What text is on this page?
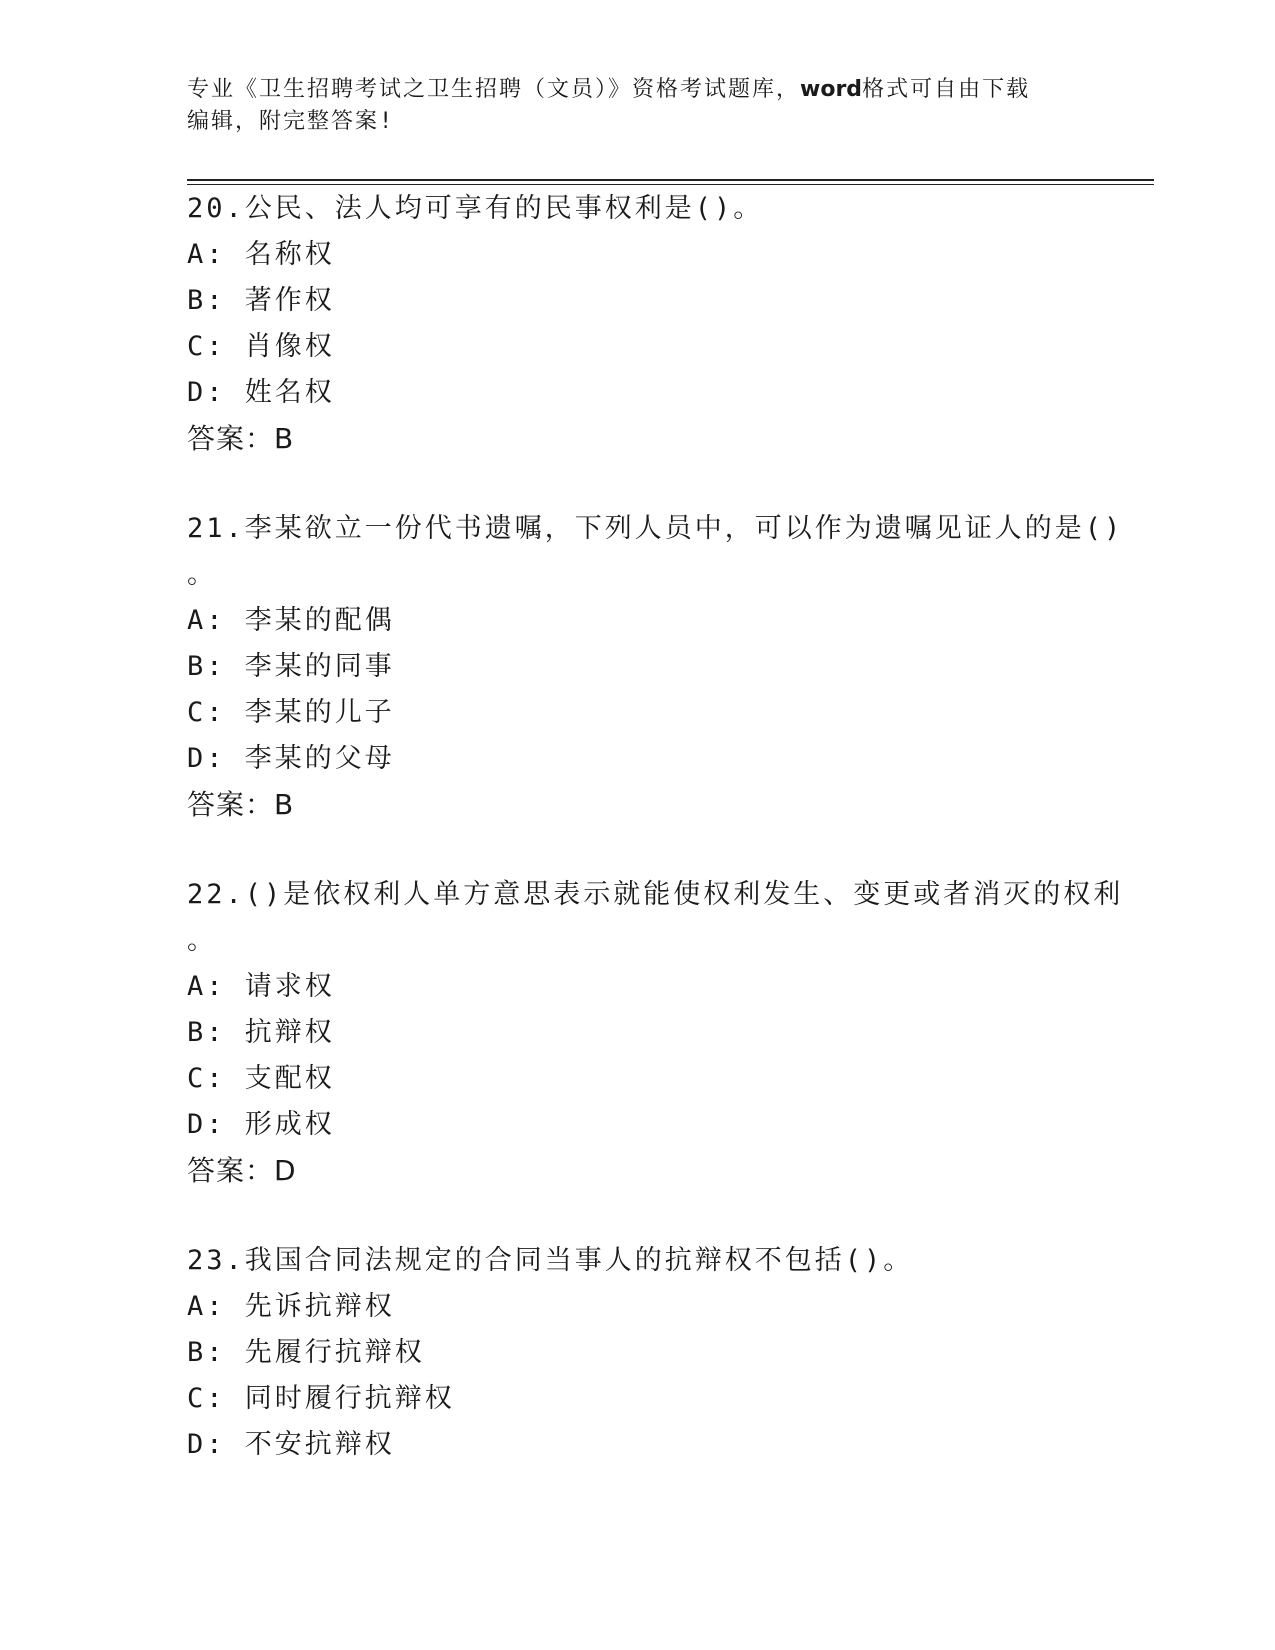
专业《卫生招聘考试之卫生招聘（文员）》资格考试题库，word格式可自由下载
编辑，附完整答案!
20.公民、法人均可享有的民事权利是()。
A: 名称权
B: 著作权
C: 肖像权
D: 姓名权
答案：B
21.李某欲立一份代书遗嘱，下列人员中，可以作为遗嘱见证人的是()
。
A: 李某的配偶
B: 李某的同事
C: 李某的儿子
D: 李某的父母
答案：B
22.()是依权利人单方意思表示就能使权利发生、变更或者消灭的权利
。
A: 请求权
B: 抗辩权
C: 支配权
D: 形成权
答案：D
23.我国合同法规定的合同当事人的抗辩权不包括()。
A: 先诉抗辩权
B: 先履行抗辩权
C: 同时履行抗辩权
D: 不安抗辩权
